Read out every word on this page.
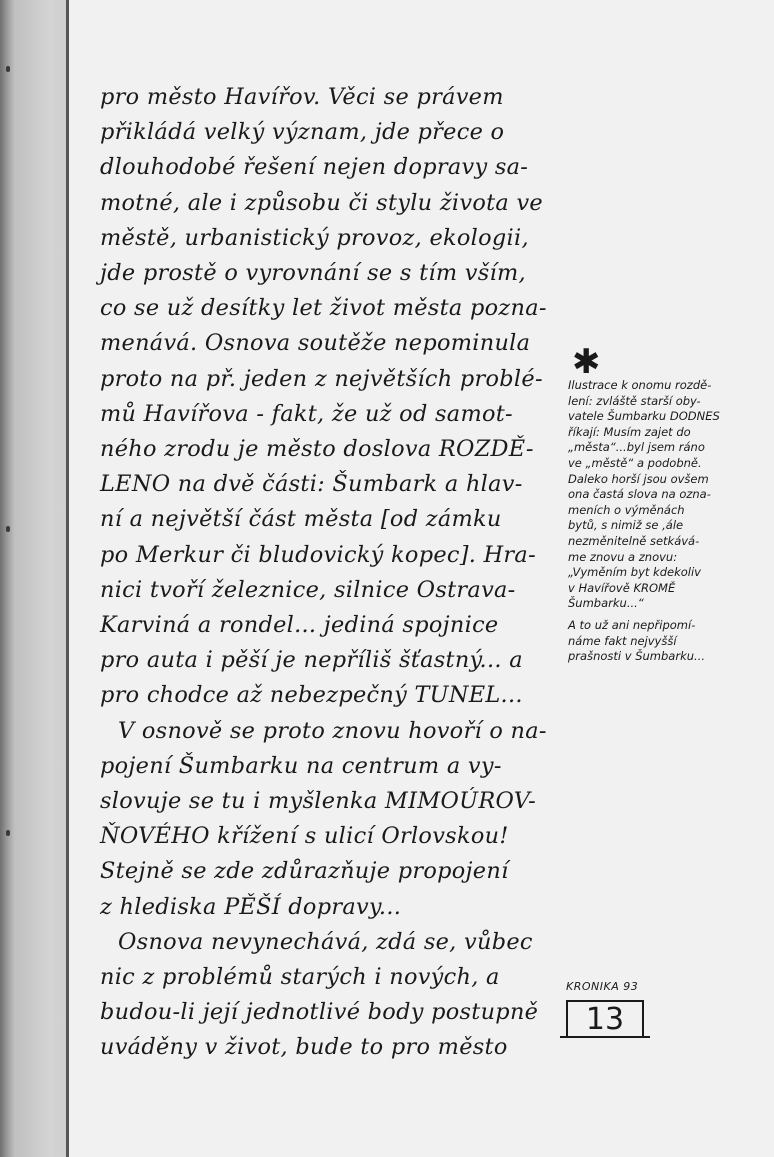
pro město Havířov. Věci se právem
přikládá velký význam, jde přece o
dlouhodobé řešení nejen dopravy sa-
motné, ale i způsobu či stylu života ve
městě, urbanistický provoz, ekologii,
jde prostě o vyrovnání se s tím vším,
co se už desítky let život města pozna-
menává. Osnova soutěže nepominula
proto na př. jeden z největších problé-
mů Havířova - fakt, že už od samot-
ného zrodu je město doslova ROZDĚ-
LENO na dvě části: Šumbark a hlav-
ní a největší část města [od zámku
po Merkur či bludovický kopec]. Hra-
nici tvoří železnice, silnice Ostrava-
Karviná a rondel... jediná spojnice
pro auta i pěší je nepříliš šťastný... a
pro chodce až nebezpečný TUNEL...
V osnově se proto znovu hovoří o na-
pojení Šumbarku na centrum a vy-
slovuje se tu i myšlenka MIMOÚROV-
ŇOVÉHO křížení s ulicí Orlovskou!
Stejně se zde zdůrazňuje propojení
z hlediska PĚŠÍ dopravy...
Osnova nevynechává, zdá se, vůbec
nic z problémů starých i nových, a
budou-li její jednotlivé body postupně
uváděny v život, bude to pro město
✱
Ilustrace k onomu rozdě-
lení: zvláště starší oby-
vatele Šumbarku DODNES
říkají: Musím zajet do
„města“...byl jsem ráno
ve „městě“ a podobně.
Daleko horší jsou ovšem
ona častá slova na ozna-
meních o výměnách
bytů, s nimiž se ,ále
nezměnitelně setkává-
me znovu a znovu:
„Vyměním byt kdekoliv
v Havířově KROMĚ
Šumbarku...“
A to už ani nepřipomí-
náme fakt nejvyšší
prašnosti v Šumbarku...
KRONIKA 93
13
